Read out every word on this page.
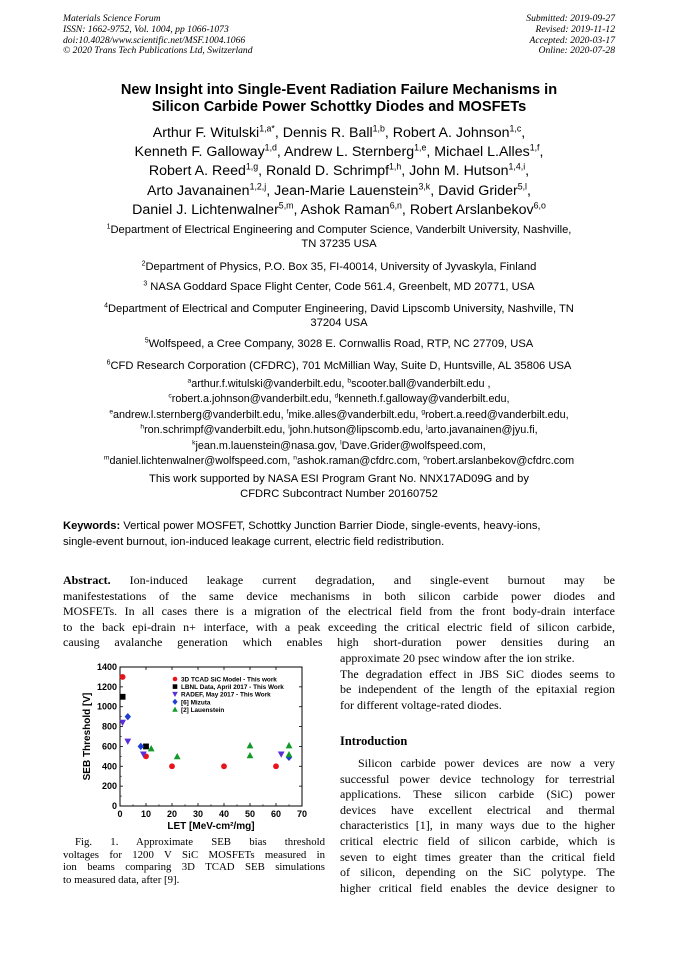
Materials Science Forum
ISSN: 1662-9752, Vol. 1004, pp 1066-1073
doi:10.4028/www.scientific.net/MSF.1004.1066
© 2020 Trans Tech Publications Ltd, Switzerland
Submitted: 2019-09-27
Revised: 2019-11-12
Accepted: 2020-03-17
Online: 2020-07-28
New Insight into Single-Event Radiation Failure Mechanisms in
Silicon Carbide Power Schottky Diodes and MOSFETs
Arthur F. Witulski$^{1,a*}$, Dennis R. Ball$^{1,b}$, Robert A. Johnson$^{1,c}$,
Kenneth F. Galloway$^{1,d}$, Andrew L. Sternberg$^{1,e}$, Michael L.Alles$^{1,f}$,
Robert A. Reed$^{1,g}$, Ronald D. Schrimpf$^{1,h}$, John M. Hutson$^{1,4,i}$,
Arto Javanainen$^{1,2,j}$, Jean-Marie Lauenstein$^{3,k}$, David Grider$^{5,l}$,
Daniel J. Lichtenwalner$^{5,m}$, Ashok Raman$^{6,n}$, Robert Arslanbekov$^{6,o}$
$^1$Department of Electrical Engineering and Computer Science, Vanderbilt University, Nashville,
TN 37235 USA
$^2$Department of Physics, P.O. Box 35, FI-40014, University of Jyvaskyla, Finland
$^3$ NASA Goddard Space Flight Center, Code 561.4, Greenbelt, MD 20771, USA
$^4$Department of Electrical and Computer Engineering, David Lipscomb University, Nashville, TN
37204 USA
$^5$Wolfspeed, a Cree Company, 3028 E. Cornwallis Road, RTP, NC 27709, USA
$^6$CFD Research Corporation (CFDRC), 701 McMillian Way, Suite D, Huntsville, AL 35806 USA
$^a$arthur.f.witulski@vanderbilt.edu, $^b$scooter.ball@vanderbilt.edu ,
$^c$robert.a.johnson@vanderbilt.edu, $^d$kenneth.f.galloway@vanderbilt.edu,
$^e$andrew.l.sternberg@vanderbilt.edu, $^f$mike.alles@vanderbilt.edu, $^g$robert.a.reed@vanderbilt.edu,
$^h$ron.schrimpf@vanderbilt.edu, $^i$john.hutson@lipscomb.edu, $^j$arto.javanainen@jyu.fi,
$^k$jean.m.lauenstein@nasa.gov, $^l$Dave.Grider@wolfspeed.com,
$^m$daniel.lichtenwalner@wolfspeed.com, $^n$ashok.raman@cfdrc.com, $^o$robert.arslanbekov@cfdrc.com
This work supported by NASA ESI Program Grant No. NNX17AD09G and by
CFDRC Subcontract Number 20160752
Keywords: Vertical power MOSFET, Schottky Junction Barrier Diode, single-events, heavy-ions,
single-event burnout, ion-induced leakage current, electric field redistribution.
Abstract. Ion-induced leakage current degradation, and single-event burnout may be
manifestestations of the same device mechanisms in both silicon carbide power diodes and
MOSFETs. In all cases there is a migration of the electrical field from the front body-drain interface
to the back epi-drain n+ interface, with a peak exceeding the critical electric field of silicon carbide,
causing avalanche generation which enables high short-duration power densities during an
approximate 20 psec window after the ion strike.
The degradation effect in JBS SiC diodes seems to
be independent of the length of the epitaxial region
for different voltage-rated diodes.
Introduction
Silicon carbide power devices are now a very
successful power device technology for terrestrial
applications. These silicon carbide (SiC) power
devices have excellent electrical and thermal
characteristics [1], in many ways due to the higher
critical electric field of silicon carbide, which is
seven to eight times greater than the critical field
of silicon, depending on the SiC polytype. The
higher critical field enables the device designer to
0 10 20 30 40 50 60 70
0
200
400
600
800
1000
1200
1400
LET [MeV-cm²/mg]
SEB Threshold [V]
3D TCAD SiC Model - This work
LBNL Data, April 2017 - This Work
RADEF, May 2017 - This Work
[6] Mizuta
[2] Lauenstein
Fig. 1. Approximate SEB bias threshold
voltages for 1200 V SiC MOSFETs measured in
ion beams comparing 3D TCAD SEB simulations
to measured data, after [9].
